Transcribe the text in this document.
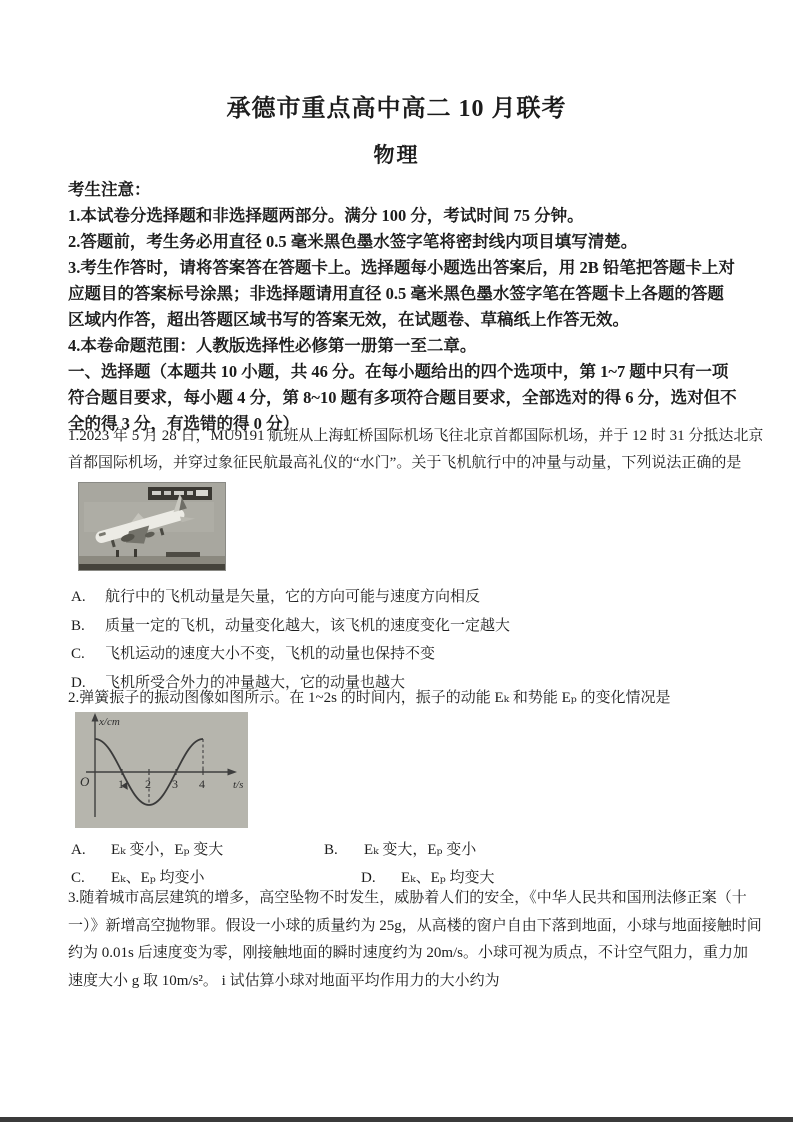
承德市重点高中高二 10 月联考
物理
考生注意：
1.本试卷分选择题和非选择题两部分。满分 100 分，考试时间 75 分钟。
2.答题前，考生务必用直径 0.5 毫米黑色墨水签字笔将密封线内项目填写清楚。
3.考生作答时，请将答案答在答题卡上。选择题每小题选出答案后，用 2B 铅笔把答题卡上对
应题目的答案标号涂黑；非选择题请用直径 0.5 毫米黑色墨水签字笔在答题卡上各题的答题
区域内作答，超出答题区域书写的答案无效，在试题卷、草稿纸上作答无效。
4.本卷命题范围：人教版选择性必修第一册第一至二章。
一、选择题（本题共 10 小题，共 46 分。在每小题给出的四个选项中，第 1~7 题中只有一项
符合题目要求，每小题 4 分，第 8~10 题有多项符合题目要求，全部选对的得 6 分，选对但不
全的得 3 分，有选错的得 0 分）
1.2023 年 5 月 28 日，MU9191 航班从上海虹桥国际机场飞往北京首都国际机场，并于 12 时 31 分抵达北京
首都国际机场，并穿过象征民航最高礼仪的“水门”。关于飞机航行中的冲量与动量，下列说法正确的是
A.	航行中的飞机动量是矢量，它的方向可能与速度方向相反
B.	质量一定的飞机，动量变化越大，该飞机的速度变化一定越大
C.	飞机运动的速度大小不变，飞机的动量也保持不变
D.	飞机所受合外力的冲量越大，它的动量也越大
2.弹簧振子的振动图像如图所示。在 1~2s 的时间内，振子的动能 Eₖ 和势能 Eₚ 的变化情况是
x/cm
O 1 2 3 4	t/s
A.	Eₖ 变小，Eₚ 变大	B.	Eₖ 变大，Eₚ 变小
C.	Eₖ、Eₚ 均变小	D.	Eₖ、Eₚ 均变大
3.随着城市高层建筑的增多，高空坠物不时发生，威胁着人们的安全，《中华人民共和国刑法修正案（十
一）》新增高空抛物罪。假设一小球的质量约为 25g，从高楼的窗户自由下落到地面，小球与地面接触时间
约为 0.01s 后速度变为零，刚接触地面的瞬时速度约为 20m/s。小球可视为质点，不计空气阻力，重力加
速度大小 g 取 10m/s²。 i 试估算小球对地面平均作用力的大小约为
